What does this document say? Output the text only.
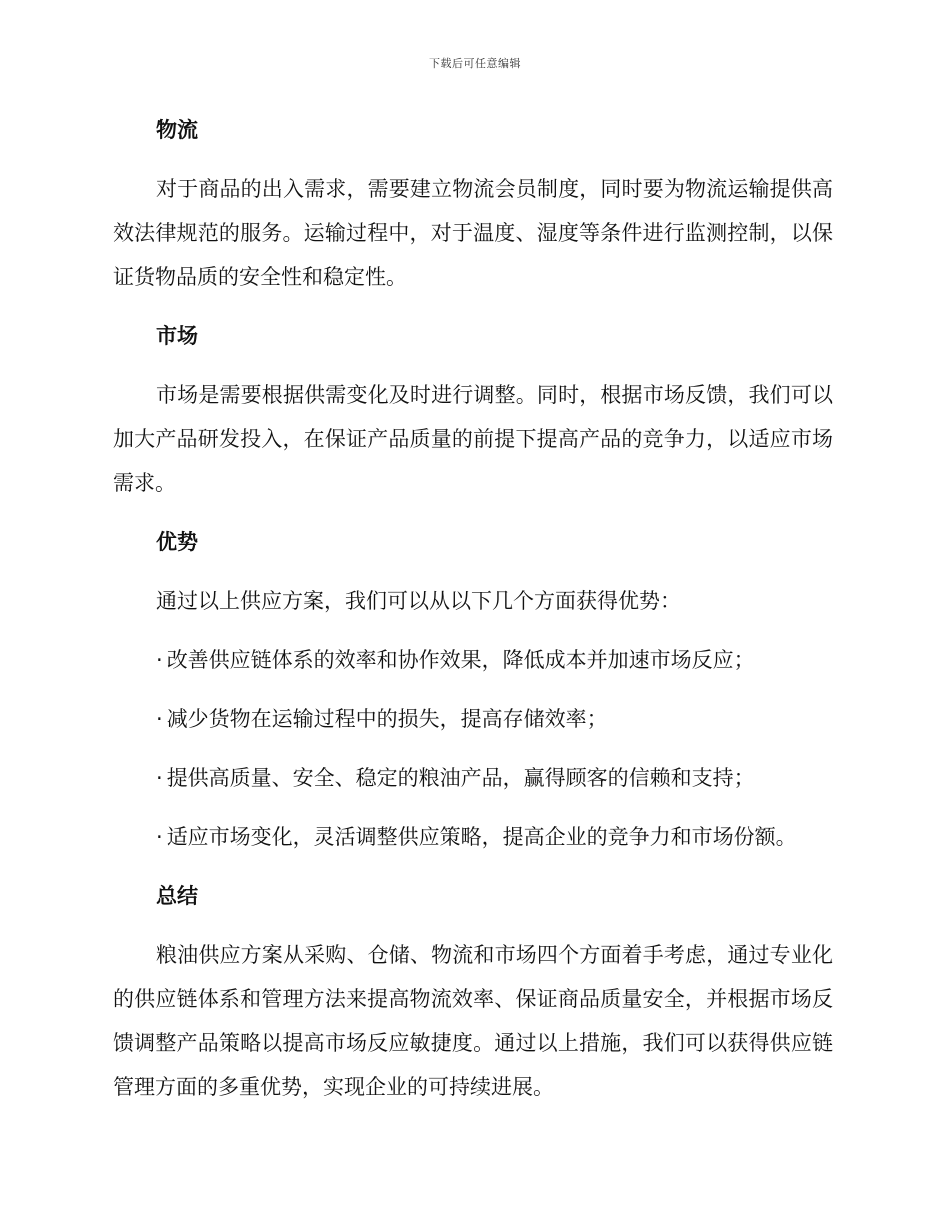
下载后可任意编辑
物流

对于商品的出入需求，需要建立物流会员制度，同时要为物流运输提供高效法律规范的服务。运输过程中，对于温度、湿度等条件进行监测控制，以保证货物品质的安全性和稳定性。

市场

市场是需要根据供需变化及时进行调整。同时，根据市场反馈，我们可以加大产品研发投入，在保证产品质量的前提下提高产品的竞争力，以适应市场需求。

优势

通过以上供应方案，我们可以从以下几个方面获得优势：

· 改善供应链体系的效率和协作效果，降低成本并加速市场反应；

· 减少货物在运输过程中的损失，提高存储效率；

· 提供高质量、安全、稳定的粮油产品，赢得顾客的信赖和支持；

· 适应市场变化，灵活调整供应策略，提高企业的竞争力和市场份额。

总结

粮油供应方案从采购、仓储、物流和市场四个方面着手考虑，通过专业化的供应链体系和管理方法来提高物流效率、保证商品质量安全，并根据市场反馈调整产品策略以提高市场反应敏捷度。通过以上措施，我们可以获得供应链管理方面的多重优势，实现企业的可持续进展。
